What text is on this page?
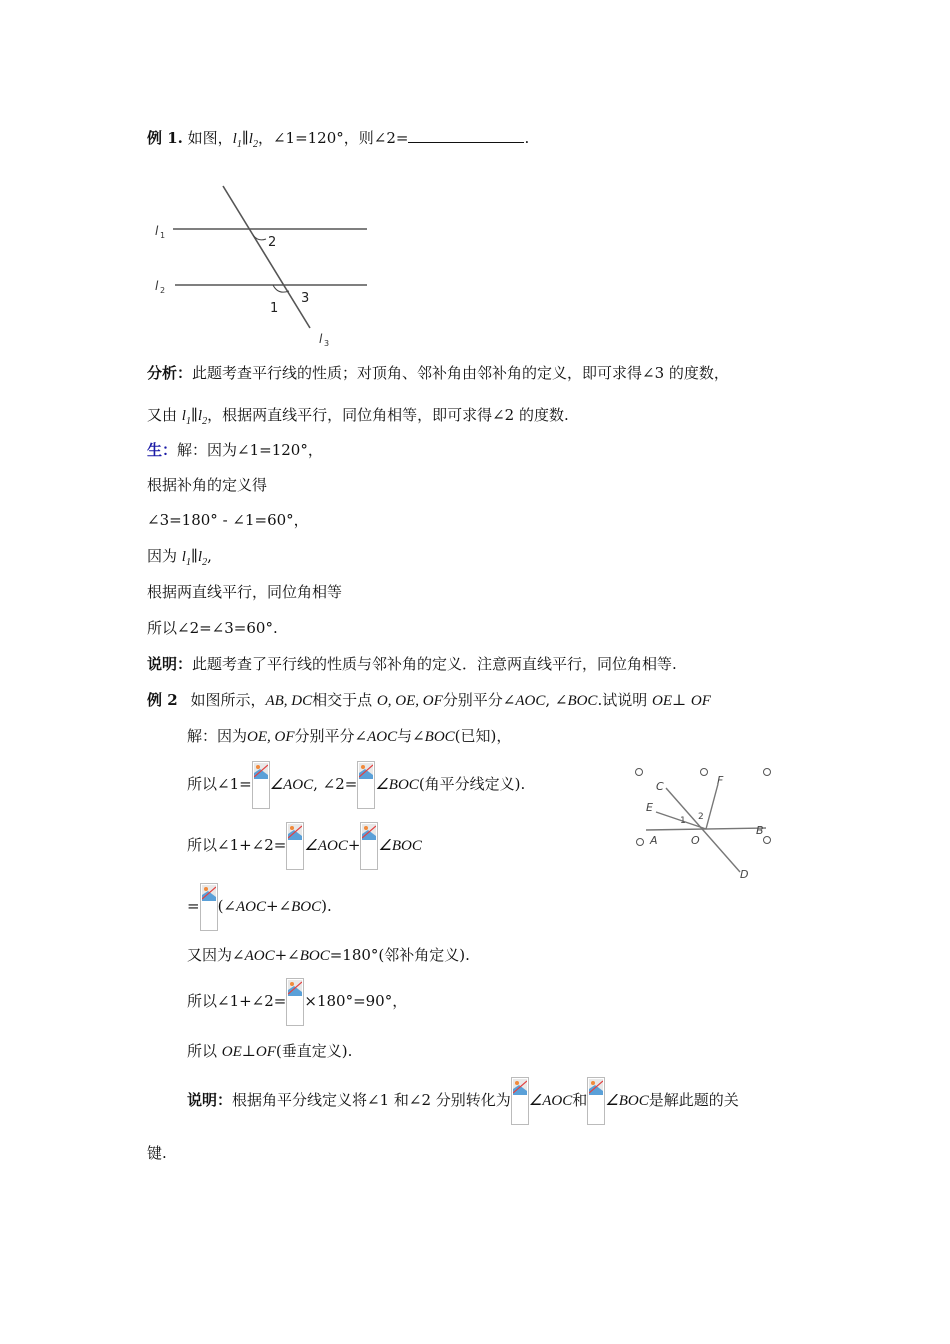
例 1. 如图，$l_1\parallel l_2$，∠1=120°，则∠2=	.
l 1
l 2
l 3
2
1
3
分析：此题考查平行线的性质；对顶角、邻补角由邻补角的定义，即可求得∠3 的度数，
又由 $l_1\parallel l_2$，根据两直线平行，同位角相等，即可求得∠2 的度数.
生：解：因为∠1=120°，
根据补角的定义得
∠3=180° - ∠1=60°，
因为 $l_1\parallel l_2$,
根据两直线平行，同位角相等
所以∠2=∠3=60°.
说明：此题考查了平行线的性质与邻补角的定义．注意两直线平行，同位角相等.
例 2 如图所示，AB, DC相交于点 O, OE, OF分别平分∠AOC, ∠BOC.试说明 OE⊥ OF
C	F
E
A	O
B
D
1 2
解：因为OE, OF分别平分∠AOC与∠BOC(已知)，
所以∠1= ∠AOC, ∠2= ∠BOC(角平分线定义).
所以∠1+∠2= ∠AOC+ ∠BOC
= (∠AOC+∠BOC).
又因为∠AOC+∠BOC=180°(邻补角定义).
所以∠1+∠2= ×180°=90°，
所以 OE⊥OF(垂直定义).
说明：根据角平分线定义将∠1 和∠2 分别转化为 ∠AOC和 ∠BOC是解此题的关
键.
